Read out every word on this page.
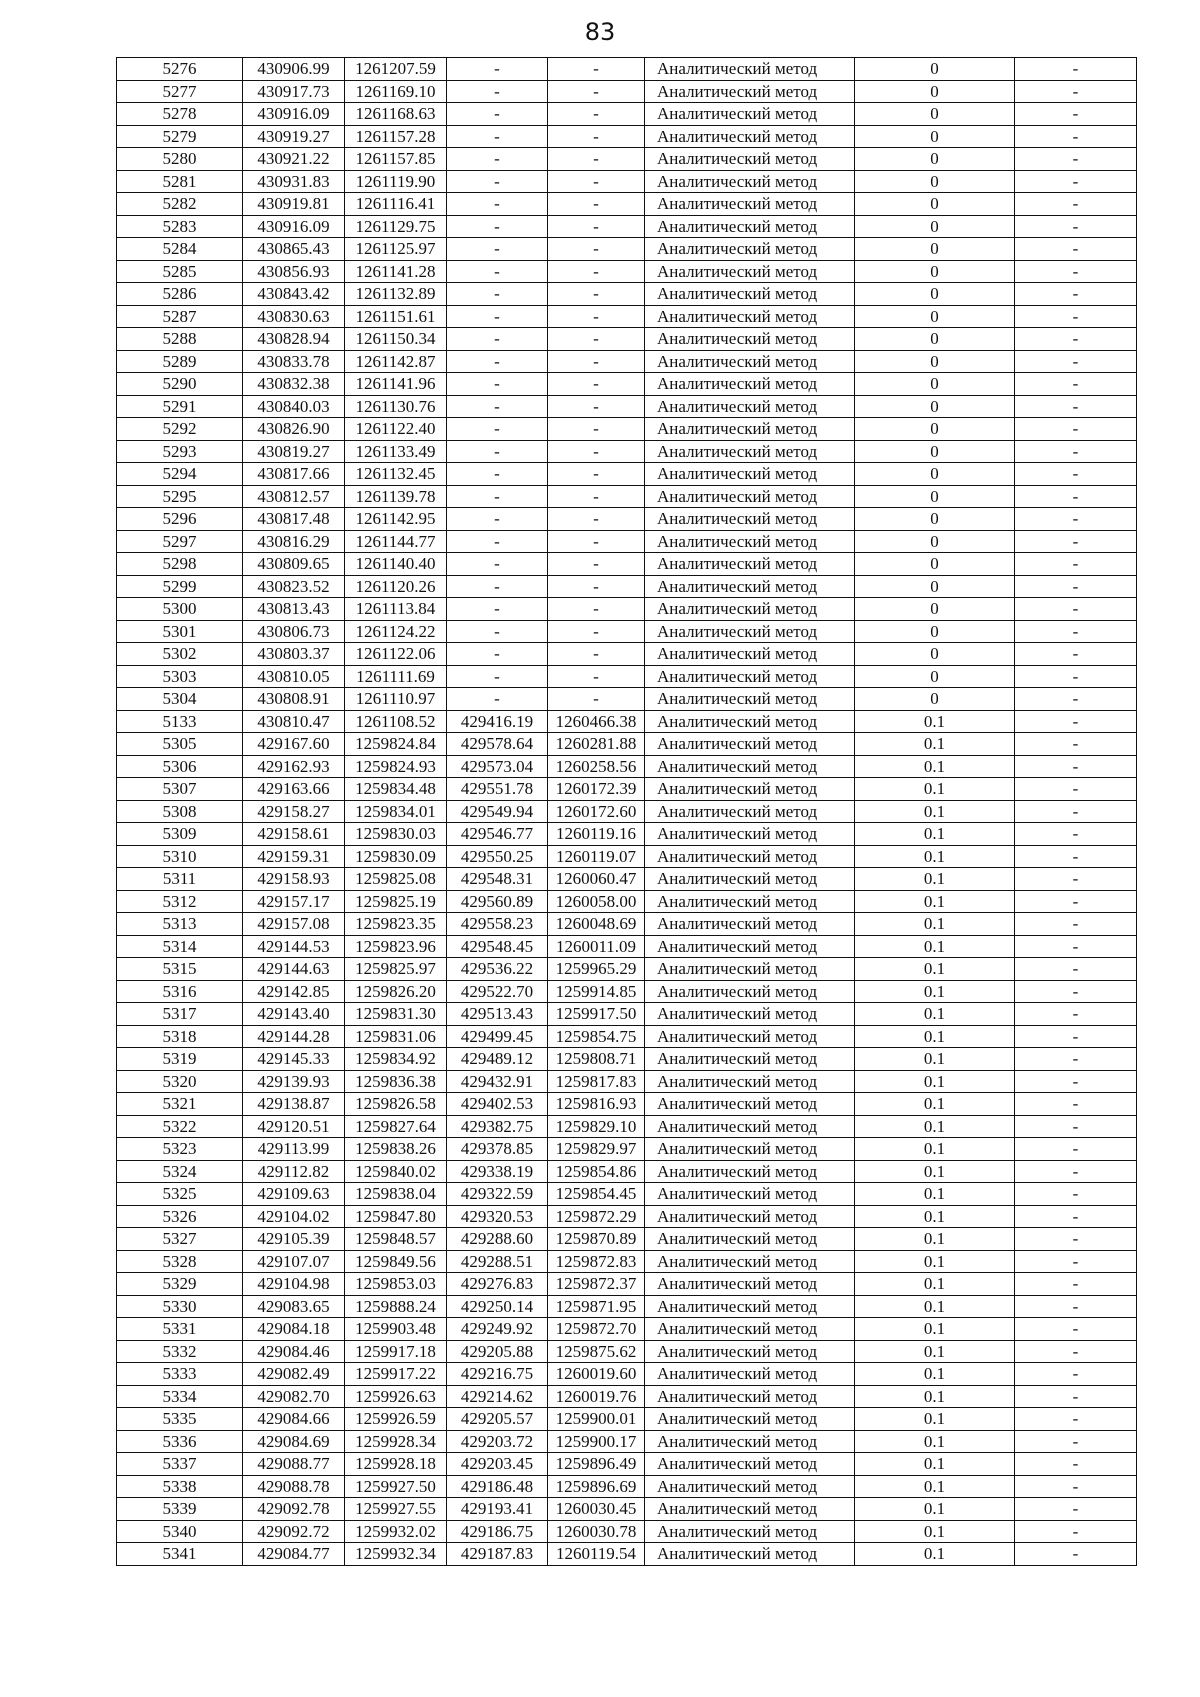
83
5276	430906.99	1261207.59	-	-	Аналитический метод	0	-
5277	430917.73	1261169.10	-	-	Аналитический метод	0	-
5278	430916.09	1261168.63	-	-	Аналитический метод	0	-
5279	430919.27	1261157.28	-	-	Аналитический метод	0	-
5280	430921.22	1261157.85	-	-	Аналитический метод	0	-
5281	430931.83	1261119.90	-	-	Аналитический метод	0	-
5282	430919.81	1261116.41	-	-	Аналитический метод	0	-
5283	430916.09	1261129.75	-	-	Аналитический метод	0	-
5284	430865.43	1261125.97	-	-	Аналитический метод	0	-
5285	430856.93	1261141.28	-	-	Аналитический метод	0	-
5286	430843.42	1261132.89	-	-	Аналитический метод	0	-
5287	430830.63	1261151.61	-	-	Аналитический метод	0	-
5288	430828.94	1261150.34	-	-	Аналитический метод	0	-
5289	430833.78	1261142.87	-	-	Аналитический метод	0	-
5290	430832.38	1261141.96	-	-	Аналитический метод	0	-
5291	430840.03	1261130.76	-	-	Аналитический метод	0	-
5292	430826.90	1261122.40	-	-	Аналитический метод	0	-
5293	430819.27	1261133.49	-	-	Аналитический метод	0	-
5294	430817.66	1261132.45	-	-	Аналитический метод	0	-
5295	430812.57	1261139.78	-	-	Аналитический метод	0	-
5296	430817.48	1261142.95	-	-	Аналитический метод	0	-
5297	430816.29	1261144.77	-	-	Аналитический метод	0	-
5298	430809.65	1261140.40	-	-	Аналитический метод	0	-
5299	430823.52	1261120.26	-	-	Аналитический метод	0	-
5300	430813.43	1261113.84	-	-	Аналитический метод	0	-
5301	430806.73	1261124.22	-	-	Аналитический метод	0	-
5302	430803.37	1261122.06	-	-	Аналитический метод	0	-
5303	430810.05	1261111.69	-	-	Аналитический метод	0	-
5304	430808.91	1261110.97	-	-	Аналитический метод	0	-
5133	430810.47	1261108.52	429416.19	1260466.38	Аналитический метод	0.1	-
5305	429167.60	1259824.84	429578.64	1260281.88	Аналитический метод	0.1	-
5306	429162.93	1259824.93	429573.04	1260258.56	Аналитический метод	0.1	-
5307	429163.66	1259834.48	429551.78	1260172.39	Аналитический метод	0.1	-
5308	429158.27	1259834.01	429549.94	1260172.60	Аналитический метод	0.1	-
5309	429158.61	1259830.03	429546.77	1260119.16	Аналитический метод	0.1	-
5310	429159.31	1259830.09	429550.25	1260119.07	Аналитический метод	0.1	-
5311	429158.93	1259825.08	429548.31	1260060.47	Аналитический метод	0.1	-
5312	429157.17	1259825.19	429560.89	1260058.00	Аналитический метод	0.1	-
5313	429157.08	1259823.35	429558.23	1260048.69	Аналитический метод	0.1	-
5314	429144.53	1259823.96	429548.45	1260011.09	Аналитический метод	0.1	-
5315	429144.63	1259825.97	429536.22	1259965.29	Аналитический метод	0.1	-
5316	429142.85	1259826.20	429522.70	1259914.85	Аналитический метод	0.1	-
5317	429143.40	1259831.30	429513.43	1259917.50	Аналитический метод	0.1	-
5318	429144.28	1259831.06	429499.45	1259854.75	Аналитический метод	0.1	-
5319	429145.33	1259834.92	429489.12	1259808.71	Аналитический метод	0.1	-
5320	429139.93	1259836.38	429432.91	1259817.83	Аналитический метод	0.1	-
5321	429138.87	1259826.58	429402.53	1259816.93	Аналитический метод	0.1	-
5322	429120.51	1259827.64	429382.75	1259829.10	Аналитический метод	0.1	-
5323	429113.99	1259838.26	429378.85	1259829.97	Аналитический метод	0.1	-
5324	429112.82	1259840.02	429338.19	1259854.86	Аналитический метод	0.1	-
5325	429109.63	1259838.04	429322.59	1259854.45	Аналитический метод	0.1	-
5326	429104.02	1259847.80	429320.53	1259872.29	Аналитический метод	0.1	-
5327	429105.39	1259848.57	429288.60	1259870.89	Аналитический метод	0.1	-
5328	429107.07	1259849.56	429288.51	1259872.83	Аналитический метод	0.1	-
5329	429104.98	1259853.03	429276.83	1259872.37	Аналитический метод	0.1	-
5330	429083.65	1259888.24	429250.14	1259871.95	Аналитический метод	0.1	-
5331	429084.18	1259903.48	429249.92	1259872.70	Аналитический метод	0.1	-
5332	429084.46	1259917.18	429205.88	1259875.62	Аналитический метод	0.1	-
5333	429082.49	1259917.22	429216.75	1260019.60	Аналитический метод	0.1	-
5334	429082.70	1259926.63	429214.62	1260019.76	Аналитический метод	0.1	-
5335	429084.66	1259926.59	429205.57	1259900.01	Аналитический метод	0.1	-
5336	429084.69	1259928.34	429203.72	1259900.17	Аналитический метод	0.1	-
5337	429088.77	1259928.18	429203.45	1259896.49	Аналитический метод	0.1	-
5338	429088.78	1259927.50	429186.48	1259896.69	Аналитический метод	0.1	-
5339	429092.78	1259927.55	429193.41	1260030.45	Аналитический метод	0.1	-
5340	429092.72	1259932.02	429186.75	1260030.78	Аналитический метод	0.1	-
5341	429084.77	1259932.34	429187.83	1260119.54	Аналитический метод	0.1	-
